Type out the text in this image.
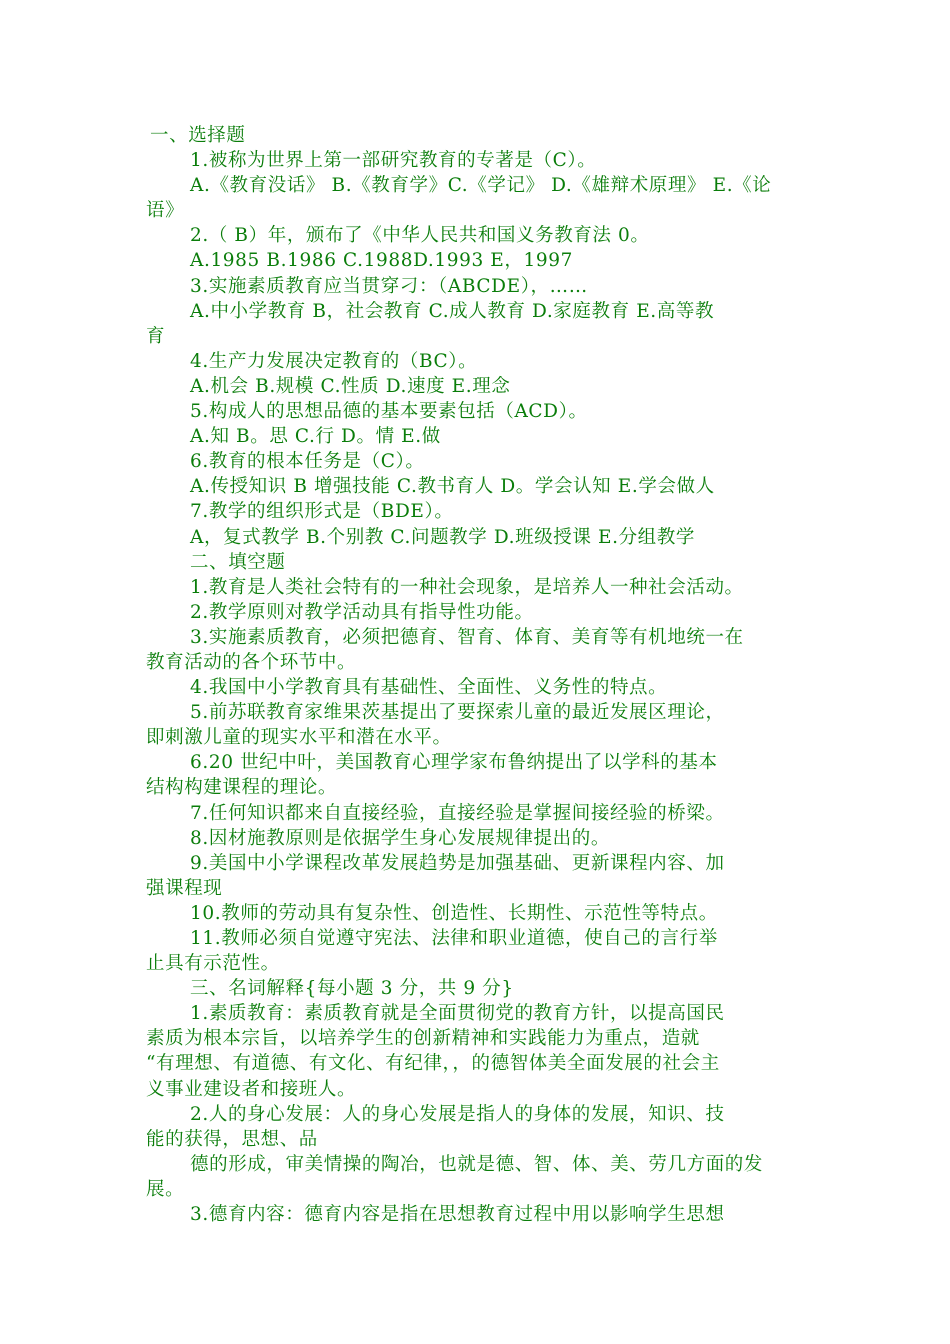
一、选择题
1.被称为世界上第一部研究教育的专著是（C）。
A.《教育没话》 B.《教育学》C.《学记》 D.《雄辩术原理》 E.《论
语》
2.（ B）年，颁布了《中华人民共和国义务教育法 0。
A.1985 B.1986 C.1988D.1993 E，1997
3.实施素质教育应当贯穿刁：（ABCDE），……
A.中小学教育 B，社会教育 C.成人教育 D.家庭教育 E.高等教
育
4.生产力发展决定教育的（BC）。
A.机会 B.规模 C.性质 D.速度 E.理念
5.构成人的思想品德的基本要素包括（ACD）。
A.知 B。思 C.行 D。情 E.做
6.教育的根本任务是（C）。
A.传授知识 B 增强技能 C.教书育人 D。学会认知 E.学会做人
7.教学的组织形式是（BDE）。
A，复式教学 B.个别教 C.问题教学 D.班级授课 E.分组教学
二、填空题
1.教育是人类社会特有的一种社会现象，是培养人一种社会活动。
2.教学原则对教学活动具有指导性功能。
3.实施素质教育，必须把德育、智育、体育、美育等有机地统一在
教育活动的各个环节中。
4.我国中小学教育具有基础性、全面性、义务性的特点。
5.前苏联教育家维果茨基提出了要探索儿童的最近发展区理论，
即刺激儿童的现实水平和潜在水平。
6.20 世纪中叶，美国教育心理学家布鲁纳提出了以学科的基本
结构构建课程的理论。
7.任何知识都来自直接经验，直接经验是掌握间接经验的桥梁。
8.因材施教原则是依据学生身心发展规律提出的。
9.美国中小学课程改革发展趋势是加强基础、更新课程内容、加
强课程现
10.教师的劳动具有复杂性、创造性、长期性、示范性等特点。
11.教师必须自觉遵守宪法、法律和职业道德，使自己的言行举
止具有示范性。
三、名词解释{每小题 3 分，共 9 分}
1.素质教育：素质教育就是全面贯彻党的教育方针，以提高国民
素质为根本宗旨，以培养学生的创新精神和实践能力为重点，造就
“有理想、有道德、有文化、有纪律，，的德智体美全面发展的社会主
义事业建设者和接班人。
2.人的身心发展：人的身心发展是指人的身体的发展，知识、技
能的获得，思想、品
德的形成，审美情操的陶冶，也就是德、智、体、美、劳几方面的发
展。
3.德育内容：德育内容是指在思想教育过程中用以影响学生思想
